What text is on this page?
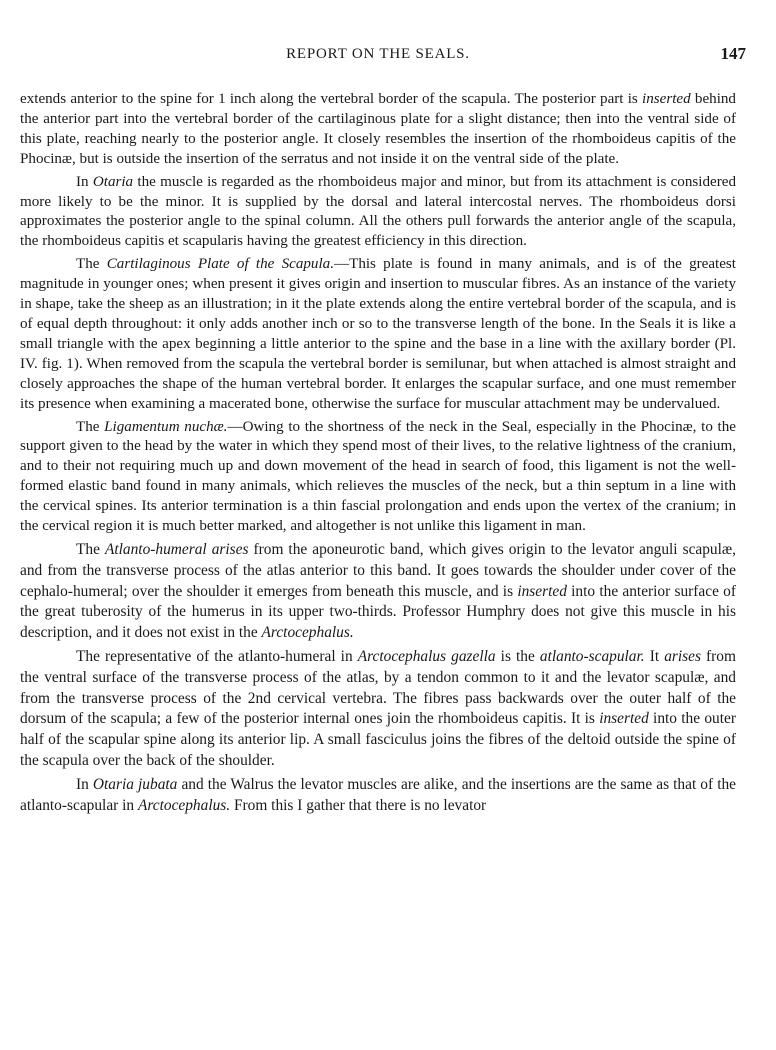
REPORT ON THE SEALS.	147

extends anterior to the spine for 1 inch along the vertebral border of the scapula. The posterior part is inserted behind the anterior part into the vertebral border of the cartilaginous plate for a slight distance; then into the ventral side of this plate, reaching nearly to the posterior angle. It closely resembles the insertion of the rhomboideus capitis of the Phocinæ, but is outside the insertion of the serratus and not inside it on the ventral side of the plate.

In Otaria the muscle is regarded as the rhomboideus major and minor, but from its attachment is considered more likely to be the minor. It is supplied by the dorsal and lateral intercostal nerves. The rhomboideus dorsi approximates the posterior angle to the spinal column. All the others pull forwards the anterior angle of the scapula, the rhomboideus capitis et scapularis having the greatest efficiency in this direction.

The Cartilaginous Plate of the Scapula.—This plate is found in many animals, and is of the greatest magnitude in younger ones; when present it gives origin and insertion to muscular fibres. As an instance of the variety in shape, take the sheep as an illustration; in it the plate extends along the entire vertebral border of the scapula, and is of equal depth throughout: it only adds another inch or so to the transverse length of the bone. In the Seals it is like a small triangle with the apex beginning a little anterior to the spine and the base in a line with the axillary border (Pl. IV. fig. 1). When removed from the scapula the vertebral border is semilunar, but when attached is almost straight and closely approaches the shape of the human vertebral border. It enlarges the scapular surface, and one must remember its presence when examining a macerated bone, otherwise the surface for muscular attachment may be undervalued.

The Ligamentum nuchæ.—Owing to the shortness of the neck in the Seal, especially in the Phocinæ, to the support given to the head by the water in which they spend most of their lives, to the relative lightness of the cranium, and to their not requiring much up and down movement of the head in search of food, this ligament is not the well-formed elastic band found in many animals, which relieves the muscles of the neck, but a thin septum in a line with the cervical spines. Its anterior termination is a thin fascial prolongation and ends upon the vertex of the cranium; in the cervical region it is much better marked, and altogether is not unlike this ligament in man.

The Atlanto-humeral arises from the aponeurotic band, which gives origin to the levator anguli scapulæ, and from the transverse process of the atlas anterior to this band. It goes towards the shoulder under cover of the cephalo-humeral; over the shoulder it emerges from beneath this muscle, and is inserted into the anterior surface of the great tuberosity of the humerus in its upper two-thirds. Professor Humphry does not give this muscle in his description, and it does not exist in the Arctocephalus.

The representative of the atlanto-humeral in Arctocephalus gazella is the atlanto-scapular. It arises from the ventral surface of the transverse process of the atlas, by a tendon common to it and the levator scapulæ, and from the transverse process of the 2nd cervical vertebra. The fibres pass backwards over the outer half of the dorsum of the scapula; a few of the posterior internal ones join the rhomboideus capitis. It is inserted into the outer half of the scapular spine along its anterior lip. A small fasciculus joins the fibres of the deltoid outside the spine of the scapula over the back of the shoulder.

In Otaria jubata and the Walrus the levator muscles are alike, and the insertions are the same as that of the atlanto-scapular in Arctocephalus. From this I gather that there is no levator
